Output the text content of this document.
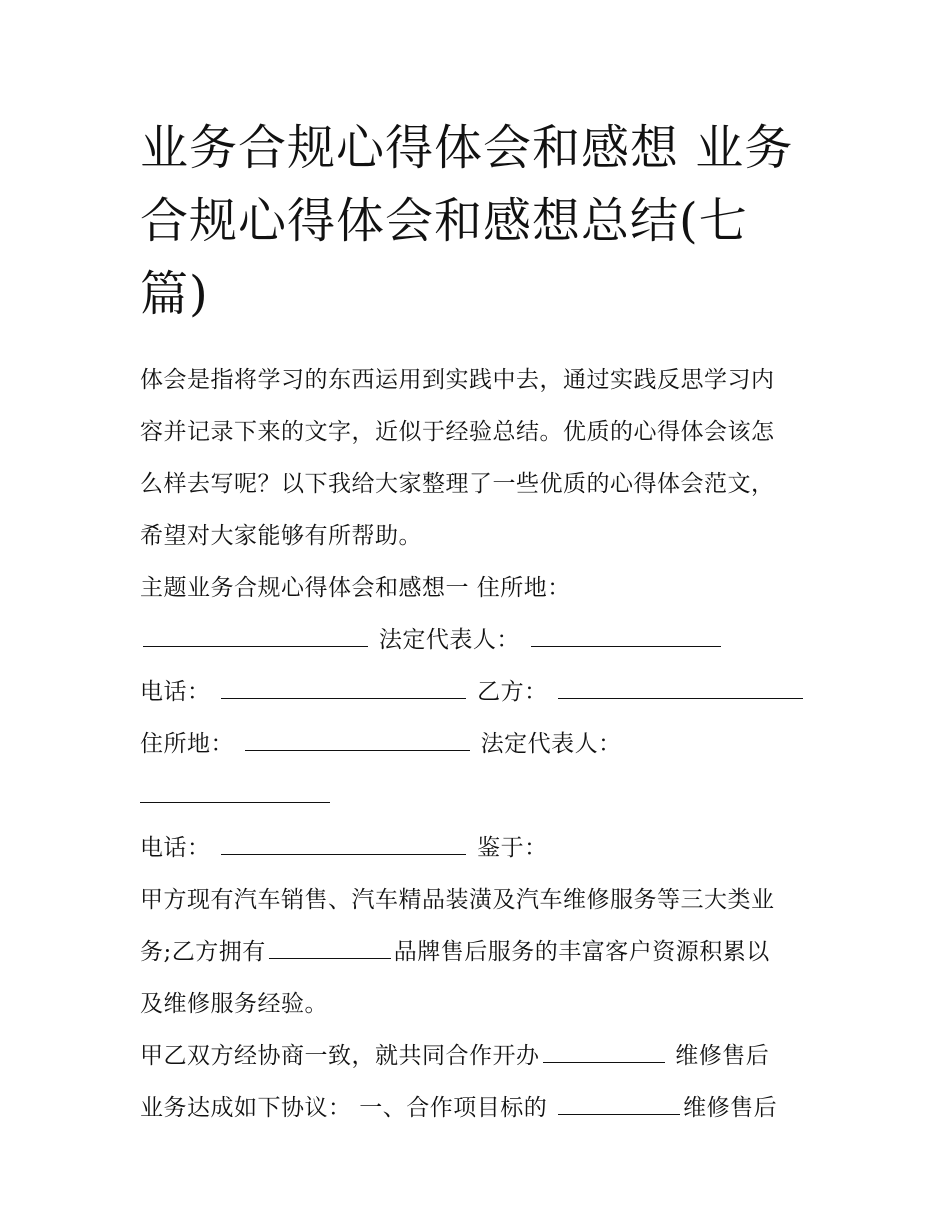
业务合规心得体会和感想 业务
合规心得体会和感想总结(七
篇)
体会是指将学习的东西运用到实践中去，通过实践反思学习内
容并记录下来的文字，近似于经验总结。优质的心得体会该怎
么样去写呢？以下我给大家整理了一些优质的心得体会范文，
希望对大家能够有所帮助。
主题业务合规心得体会和感想一 住所地：
法定代表人：
电话：	乙方：
住所地：	法定代表人：
电话：	鉴于：
甲方现有汽车销售、汽车精品装潢及汽车维修服务等三大类业
务;乙方拥有	品牌售后服务的丰富客户资源积累以
及维修服务经验。
甲乙双方经协商一致，就共同合作开办	维修售后
业务达成如下协议： 一、合作项目标的	维修售后
